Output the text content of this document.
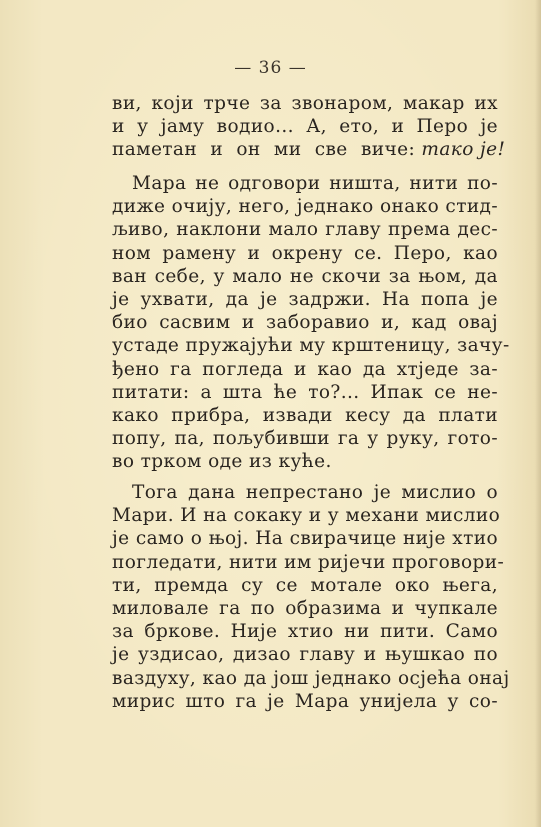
— 36 —
ви, који трче за звонаром, макар их
и у јаму водио... А, ето, и Перо је
паметан и он ми све виче: тако је!
Мара не одговори ништа, нити по-
диже очију, него, једнако онако стид-
љиво, наклони мало главу према дес-
ном рамену и окрену се. Перо, као
ван себе, у мало не скочи за њом, да
је ухвати, да је задржи. На попа је
био сасвим и заборавио и, кад овај
устаде пружајући му крштеницу, зачу-
ђено га погледа и као да хтједе за-
питати: а шта ће то?... Ипак се не-
како прибра, извади кесу да плати
попу, па, пољубивши га у руку, гото-
во трком оде из куће.
Тога дана непрестано је мислио о
Мари. И на сокаку и у механи мислио
је само о њој. На свирачице није хтио
погледати, нити им ријечи проговори-
ти, премда су се мотале око њега,
миловале га по образима и чупкале
за бркове. Није хтио ни пити. Само
је уздисао, дизао главу и њушкао по
ваздуху, као да још једнако осјећа онај
мирис што га је Мара унијела у со-
